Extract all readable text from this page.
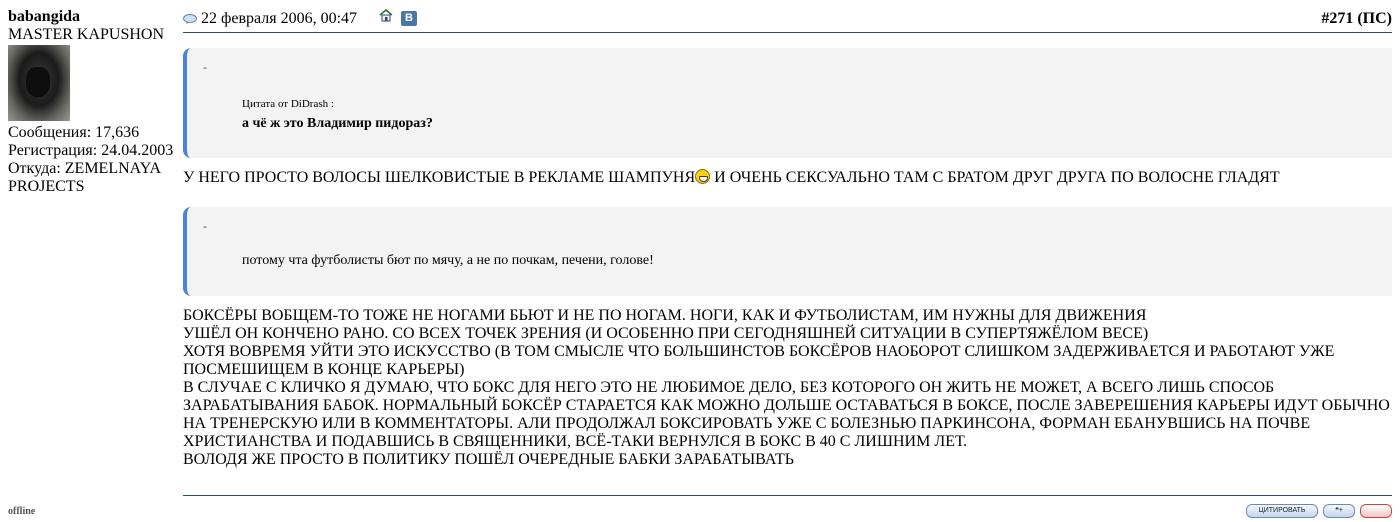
babangida
MASTER KAPUSHON
Сообщения: 17,636
Регистрация: 24.04.2003
Откуда: ZEMELNAYA PROJECTS
offline
22 февраля 2006, 00:47	В	#271 (ПС)
-
Цитата от DiDrash :
а чё ж это Владимир пидораз?
У НЕГО ПРОСТО ВОЛОСЫ ШЕЛКОВИСТЫЕ В РЕКЛАМЕ ШАМПУНЯ И ОЧЕНЬ СЕКСУАЛЬНО ТАМ С БРАТОМ ДРУГ ДРУГА ПО ВОЛОСНЕ ГЛАДЯТ
-
потому чта футболисты бют по мячу, а не по почкам, печени, голове!
БОКСЁРЫ ВОБЩЕМ-ТО ТОЖЕ НЕ НОГАМИ БЬЮТ И НЕ ПО НОГАМ. НОГИ, КАК И ФУТБОЛИСТАМ, ИМ НУЖНЫ ДЛЯ ДВИЖЕНИЯ
УШЁЛ ОН КОНЧЕНО РАНО. СО ВСЕХ ТОЧЕК ЗРЕНИЯ (И ОСОБЕННО ПРИ СЕГОДНЯШНЕЙ СИТУАЦИИ В СУПЕРТЯЖЁЛОМ ВЕСЕ)
ХОТЯ ВОВРЕМЯ УЙТИ ЭТО ИСКУССТВО (В ТОМ СМЫСЛЕ ЧТО БОЛЬШИНСТОВ БОКСЁРОВ НАОБОРОТ СЛИШКОМ ЗАДЕРЖИВАЕТСЯ И РАБОТАЮТ УЖЕ ПОСМЕШИЩЕМ В КОНЦЕ КАРЬЕРЫ)
В СЛУЧАЕ С КЛИЧКО Я ДУМАЮ, ЧТО БОКС ДЛЯ НЕГО ЭТО НЕ ЛЮБИМОЕ ДЕЛО, БЕЗ КОТОРОГО ОН ЖИТЬ НЕ МОЖЕТ, А ВСЕГО ЛИШЬ СПОСОБ ЗАРАБАТЫВАНИЯ БАБОК. НОРМАЛЬНЫЙ БОКСЁР СТАРАЕТСЯ КАК МОЖНО ДОЛЬШЕ ОСТАВАТЬСЯ В БОКСЕ, ПОСЛЕ ЗАВЕРЕШЕНИЯ КАРЬЕРЫ ИДУТ ОБЫЧНО НА ТРЕНЕРСКУЮ ИЛИ В КОММЕНТАТОРЫ. АЛИ ПРОДОЛЖАЛ БОКСИРОВАТЬ УЖЕ С БОЛЕЗНЬЮ ПАРКИНСОНА, ФОРМАН ЕБАНУВШИСЬ НА ПОЧВЕ ХРИСТИАНСТВА И ПОДАВШИСЬ В СВЯЩЕННИКИ, ВСЁ-ТАКИ ВЕРНУЛСЯ В БОКС В 40 С ЛИШНИМ ЛЕТ.
ВОЛОДЯ ЖЕ ПРОСТО В ПОЛИТИКУ ПОШЁЛ ОЧЕРЕДНЫЕ БАБКИ ЗАРАБАТЫВАТЬ
ЦИТИРОВАТЬ	❝+
